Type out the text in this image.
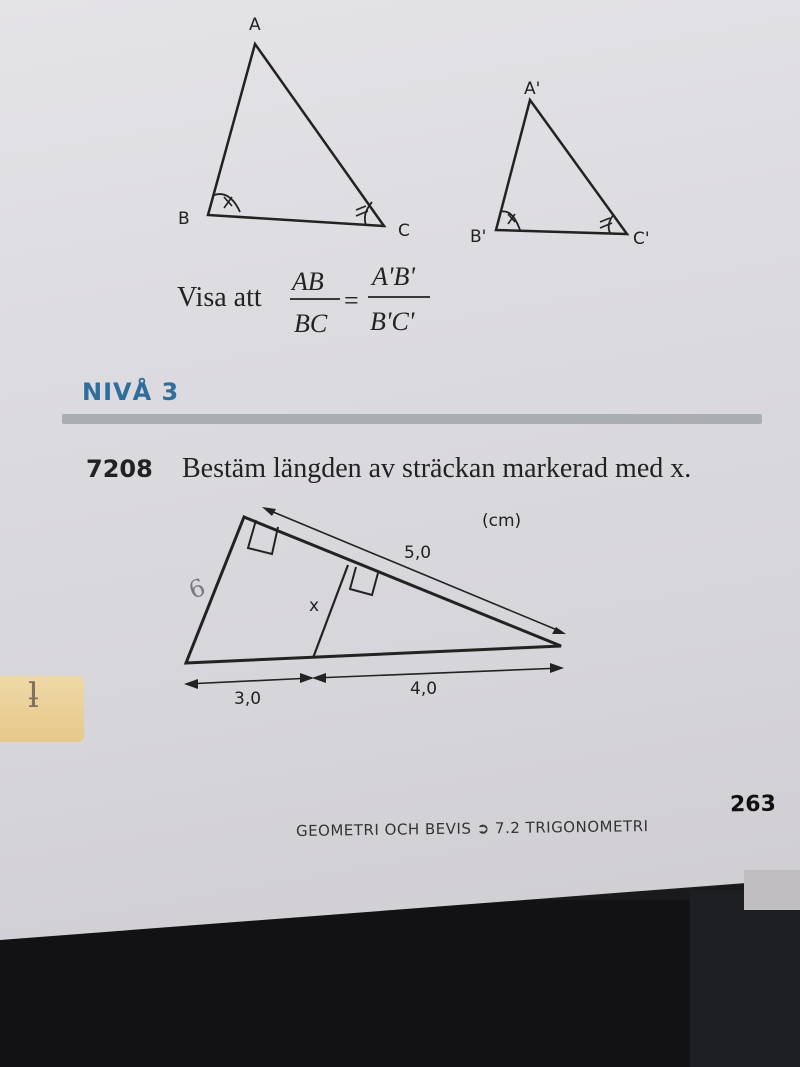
ƚ
A
B
C
A'
B'	C'
Visa att
AB
BC
=
A'B'
B'C'
(cm)
5,0
x
3,0	4,0
6
NIVÅ 3
7208 Bestäm längden av sträckan markerad med x.
GEOMETRI OCH BEVIS ➲ 7.2 TRIGONOMETRI
263
